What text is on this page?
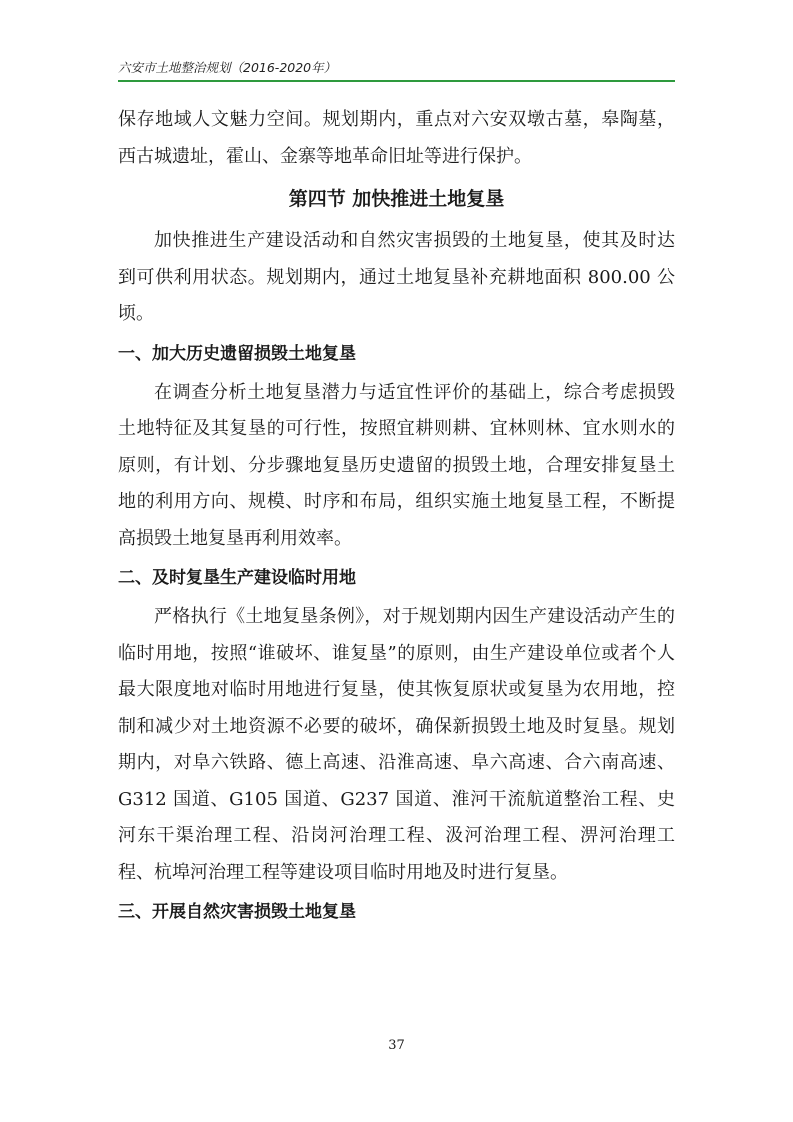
六安市土地整治规划（2016-2020年）

保存地域人文魅力空间。规划期内，重点对六安双墩古墓，皋陶墓，西古城遗址，霍山、金寨等地革命旧址等进行保护。

第四节 加快推进土地复垦

加快推进生产建设活动和自然灾害损毁的土地复垦，使其及时达到可供利用状态。规划期内，通过土地复垦补充耕地面积 800.00 公顷。

一、加大历史遗留损毁土地复垦

在调查分析土地复垦潜力与适宜性评价的基础上，综合考虑损毁土地特征及其复垦的可行性，按照宜耕则耕、宜林则林、宜水则水的原则，有计划、分步骤地复垦历史遗留的损毁土地，合理安排复垦土地的利用方向、规模、时序和布局，组织实施土地复垦工程，不断提高损毁土地复垦再利用效率。

二、及时复垦生产建设临时用地

严格执行《土地复垦条例》，对于规划期内因生产建设活动产生的临时用地，按照“谁破坏、谁复垦”的原则，由生产建设单位或者个人最大限度地对临时用地进行复垦，使其恢复原状或复垦为农用地，控制和减少对土地资源不必要的破坏，确保新损毁土地及时复垦。规划期内，对阜六铁路、德上高速、沿淮高速、阜六高速、合六南高速、G312 国道、G105 国道、G237 国道、淮河干流航道整治工程、史河东干渠治理工程、沿岗河治理工程、汲河治理工程、淠河治理工程、杭埠河治理工程等建设项目临时用地及时进行复垦。

三、开展自然灾害损毁土地复垦
37
